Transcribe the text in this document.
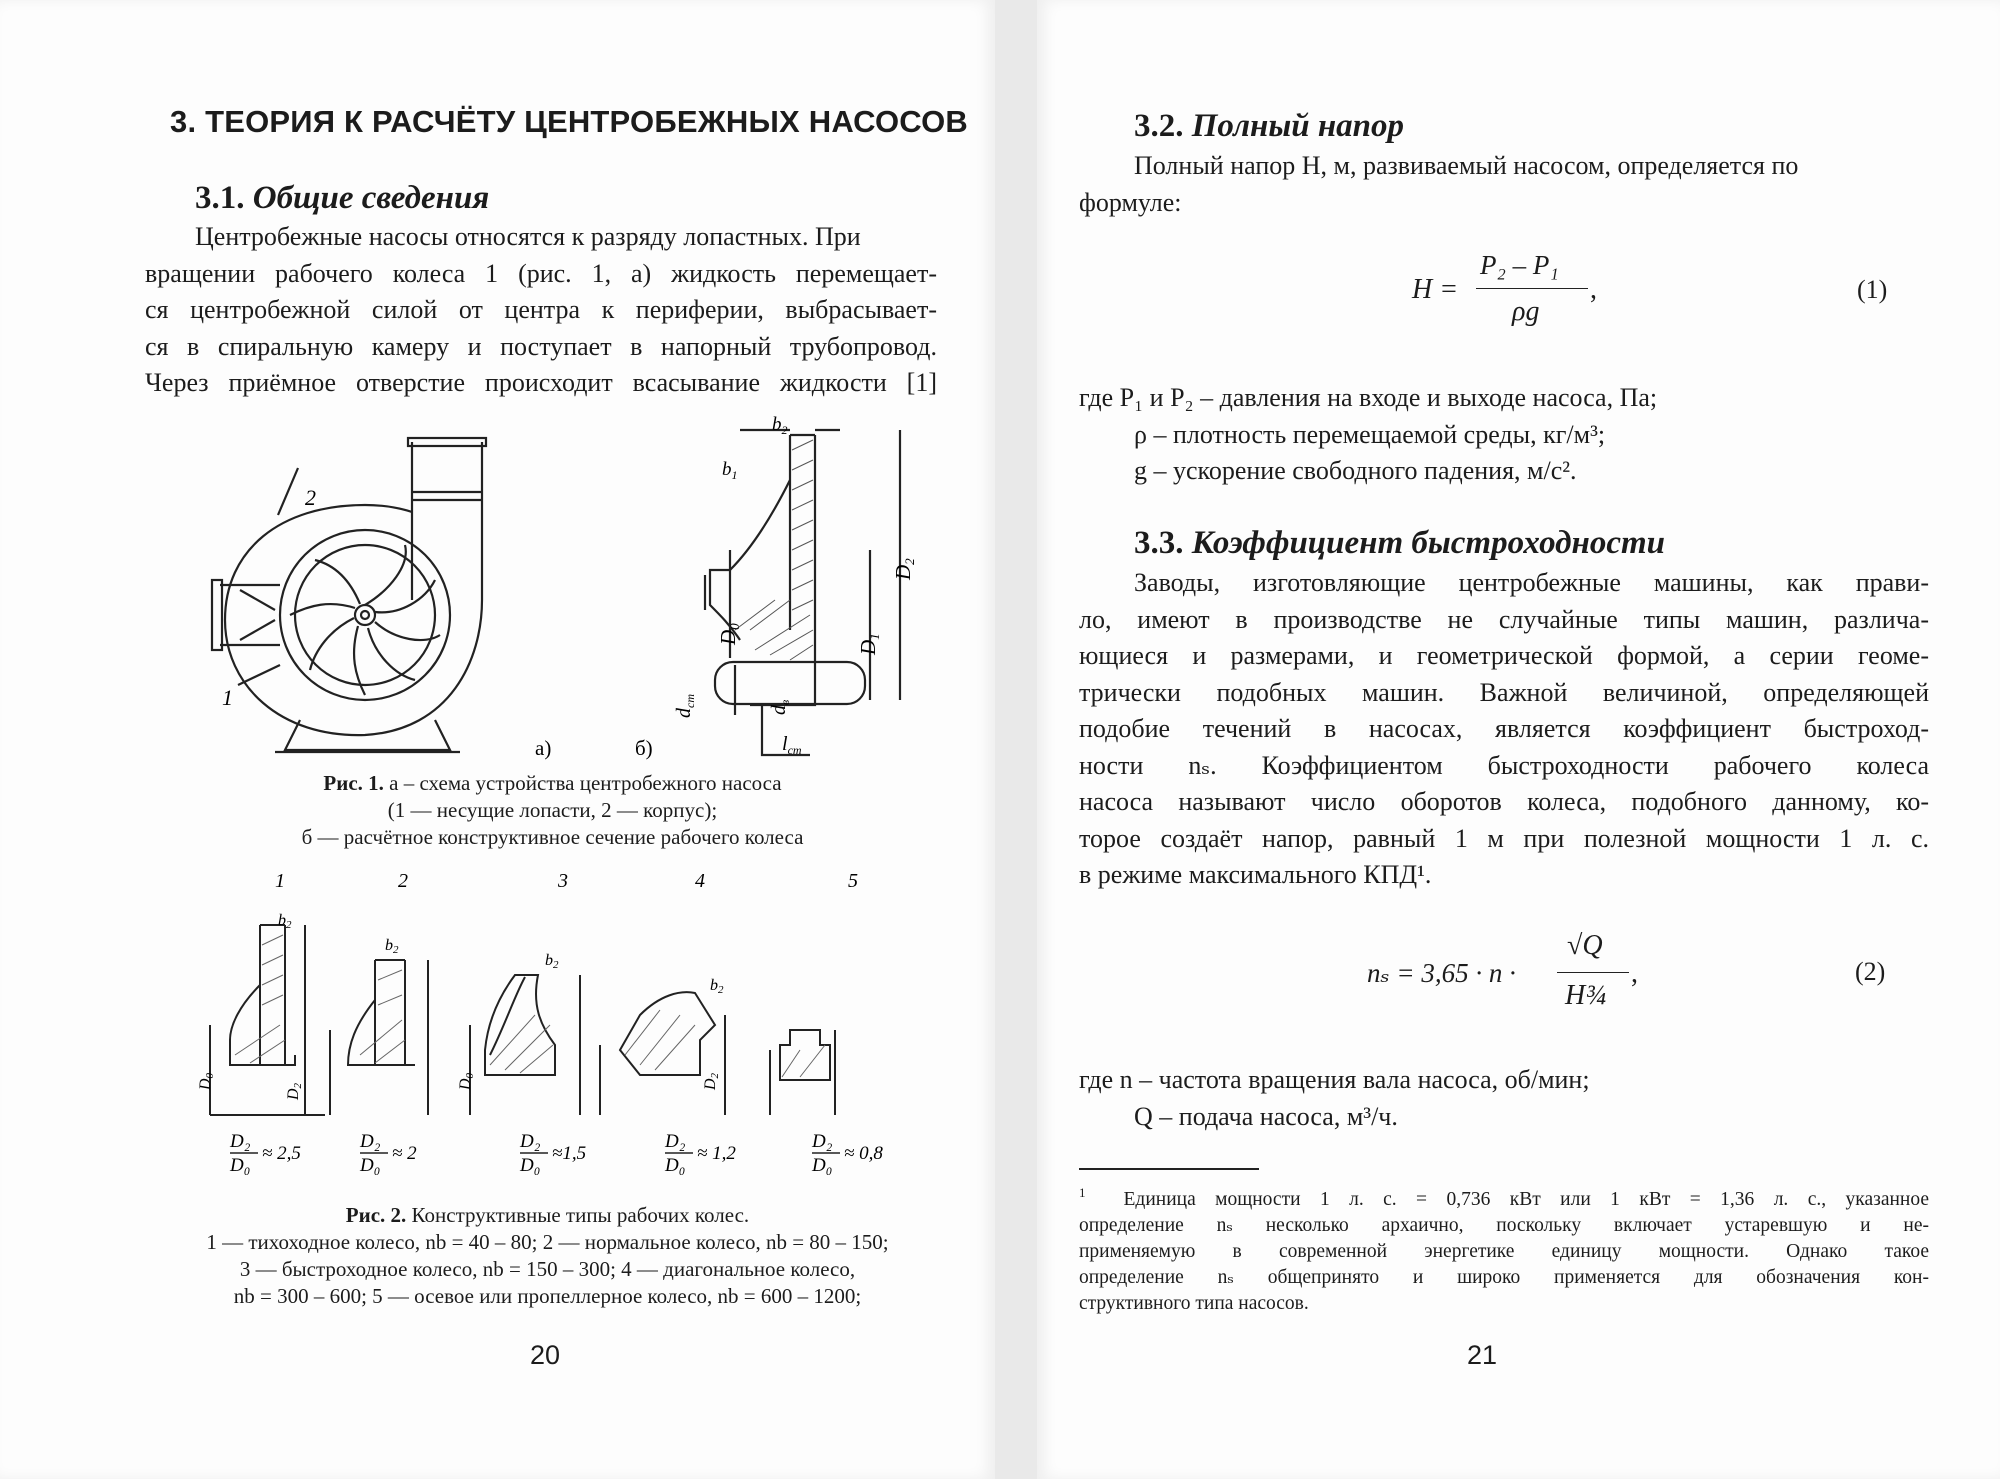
3. ТЕОРИЯ К РАСЧЁТУ ЦЕНТРОБЕЖНЫХ НАСОСОВ
3.1. Общие сведения
Центробежные насосы относятся к разряду лопастных. При
вращении рабочего колеса 1 (рис. 1, а) жидкость перемещает-
ся центробежной силой от центра к периферии, выбрасывает-
ся в спиральную камеру и поступает в напорный трубопровод.
Через приёмное отверстие происходит всасывание жидкости [1]
2
1
$b_2$
$b_1$
D2
D1
D0
$d_{ст}$
$d_в$
$l_{ст}$
а)	б)
Рис. 1. а – схема устройства центробежного насоса
(1 — несущие лопасти, 2 — корпус);
б — расчётное конструктивное сечение рабочего колеса
1	2	3	4	5
D0
D2	D0
D2
b2
b2
b2
b2
D₂
D₀
≈ 2,5
D₂
D₀
≈ 2
D₂
D₀
≈1,5
D₂
D₀
≈ 1,2
D₂
D₀
≈ 0,8
Рис. 2. Конструктивные типы рабочих колес.
1 — тихоходное колесо, nb = 40 – 80; 2 — нормальное колесо, nb = 80 – 150;
3 — быстроходное колесо, nb = 150 – 300; 4 — диагональное колесо,
nb = 300 – 600; 5 — осевое или пропеллерное колесо, nb = 600 – 1200;
20
3.2. Полный напор
Полный напор H, м, развиваемый насосом, определяется по
формуле:
H =
P₂ – P₁
ρg
,	(1)
где P₁ и P₂ – давления на входе и выходе насоса, Па;
ρ – плотность перемещаемой среды, кг/м³;
g – ускорение свободного падения, м/с².
3.3. Коэффициент быстроходности
Заводы, изготовляющие центробежные машины, как прави-
ло, имеют в производстве не случайные типы машин, различа-
ющиеся и размерами, и геометрической формой, а серии геоме-
трически подобных машин. Важной величиной, определяющей
подобие течений в насосах, является коэффициент быстроход-
ности nₛ. Коэффициентом быстроходности рабочего колеса
насоса называют число оборотов колеса, подобного данному, ко-
торое создаёт напор, равный 1 м при полезной мощности 1 л. с.
в режиме максимального КПД¹.
nₛ = 3,65 · n ·
√Q
H¾
,	(2)
где n – частота вращения вала насоса, об/мин;
Q – подача насоса, м³/ч.
$^1$ Единица мощности 1 л. с. = 0,736 кВт или 1 кВт = 1,36 л. с., указанное
определение nₛ несколько архаично, поскольку включает устаревшую и не-
применяемую в современной энергетике единицу мощности. Однако такое
определение nₛ общепринято и широко применяется для обозначения кон-
структивного типа насосов.
21
